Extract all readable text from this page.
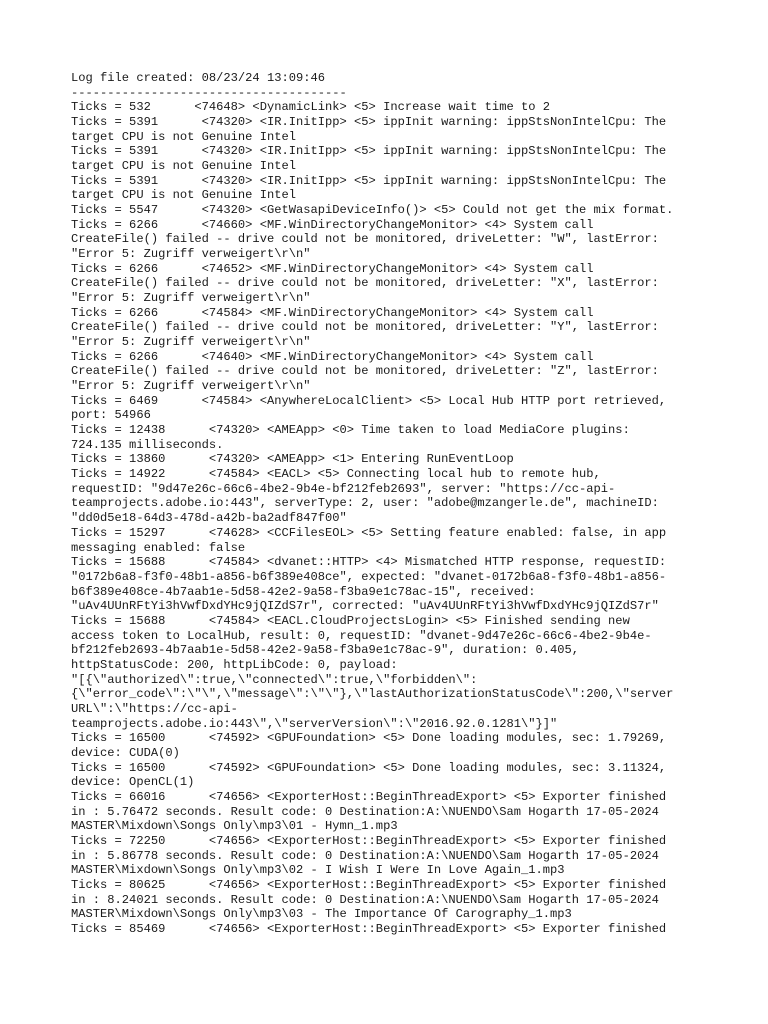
Log file created: 08/23/24 13:09:46
--------------------------------------
Ticks = 532      <74648> <DynamicLink> <5> Increase wait time to 2
Ticks = 5391      <74320> <IR.InitIpp> <5> ippInit warning: ippStsNonIntelCpu: The
target CPU is not Genuine Intel
Ticks = 5391      <74320> <IR.InitIpp> <5> ippInit warning: ippStsNonIntelCpu: The
target CPU is not Genuine Intel
Ticks = 5391      <74320> <IR.InitIpp> <5> ippInit warning: ippStsNonIntelCpu: The
target CPU is not Genuine Intel
Ticks = 5547      <74320> <GetWasapiDeviceInfo()> <5> Could not get the mix format.
Ticks = 6266      <74660> <MF.WinDirectoryChangeMonitor> <4> System call
CreateFile() failed -- drive could not be monitored, driveLetter: "W", lastError:
"Error 5: Zugriff verweigert\r\n"
Ticks = 6266      <74652> <MF.WinDirectoryChangeMonitor> <4> System call
CreateFile() failed -- drive could not be monitored, driveLetter: "X", lastError:
"Error 5: Zugriff verweigert\r\n"
Ticks = 6266      <74584> <MF.WinDirectoryChangeMonitor> <4> System call
CreateFile() failed -- drive could not be monitored, driveLetter: "Y", lastError:
"Error 5: Zugriff verweigert\r\n"
Ticks = 6266      <74640> <MF.WinDirectoryChangeMonitor> <4> System call
CreateFile() failed -- drive could not be monitored, driveLetter: "Z", lastError:
"Error 5: Zugriff verweigert\r\n"
Ticks = 6469      <74584> <AnywhereLocalClient> <5> Local Hub HTTP port retrieved,
port: 54966
Ticks = 12438      <74320> <AMEApp> <0> Time taken to load MediaCore plugins:
724.135 milliseconds.
Ticks = 13860      <74320> <AMEApp> <1> Entering RunEventLoop
Ticks = 14922      <74584> <EACL> <5> Connecting local hub to remote hub,
requestID: "9d47e26c-66c6-4be2-9b4e-bf212feb2693", server: "https://cc-api-
teamprojects.adobe.io:443", serverType: 2, user: "adobe@mzangerle.de", machineID:
"dd0d5e18-64d3-478d-a42b-ba2adf847f00"
Ticks = 15297      <74628> <CCFilesEOL> <5> Setting feature enabled: false, in app
messaging enabled: false
Ticks = 15688      <74584> <dvanet::HTTP> <4> Mismatched HTTP response, requestID:
"0172b6a8-f3f0-48b1-a856-b6f389e408ce", expected: "dvanet-0172b6a8-f3f0-48b1-a856-
b6f389e408ce-4b7aab1e-5d58-42e2-9a58-f3ba9e1c78ac-15", received:
"uAv4UUnRFtYi3hVwfDxdYHc9jQIZdS7r", corrected: "uAv4UUnRFtYi3hVwfDxdYHc9jQIZdS7r"
Ticks = 15688      <74584> <EACL.CloudProjectsLogin> <5> Finished sending new
access token to LocalHub, result: 0, requestID: "dvanet-9d47e26c-66c6-4be2-9b4e-
bf212feb2693-4b7aab1e-5d58-42e2-9a58-f3ba9e1c78ac-9", duration: 0.405,
httpStatusCode: 200, httpLibCode: 0, payload:
"[{\"authorized\":true,\"connected\":true,\"forbidden\":
{\"error_code\":\"\",\"message\":\"\"},\"lastAuthorizationStatusCode\":200,\"server
URL\":\"https://cc-api-
teamprojects.adobe.io:443\",\"serverVersion\":\"2016.92.0.1281\"}]"
Ticks = 16500      <74592> <GPUFoundation> <5> Done loading modules, sec: 1.79269,
device: CUDA(0)
Ticks = 16500      <74592> <GPUFoundation> <5> Done loading modules, sec: 3.11324,
device: OpenCL(1)
Ticks = 66016      <74656> <ExporterHost::BeginThreadExport> <5> Exporter finished
in : 5.76472 seconds. Result code: 0 Destination:A:\NUENDO\Sam Hogarth 17-05-2024
MASTER\Mixdown\Songs Only\mp3\01 - Hymn_1.mp3
Ticks = 72250      <74656> <ExporterHost::BeginThreadExport> <5> Exporter finished
in : 5.86778 seconds. Result code: 0 Destination:A:\NUENDO\Sam Hogarth 17-05-2024
MASTER\Mixdown\Songs Only\mp3\02 - I Wish I Were In Love Again_1.mp3
Ticks = 80625      <74656> <ExporterHost::BeginThreadExport> <5> Exporter finished
in : 8.24021 seconds. Result code: 0 Destination:A:\NUENDO\Sam Hogarth 17-05-2024
MASTER\Mixdown\Songs Only\mp3\03 - The Importance Of Carography_1.mp3
Ticks = 85469      <74656> <ExporterHost::BeginThreadExport> <5> Exporter finished
